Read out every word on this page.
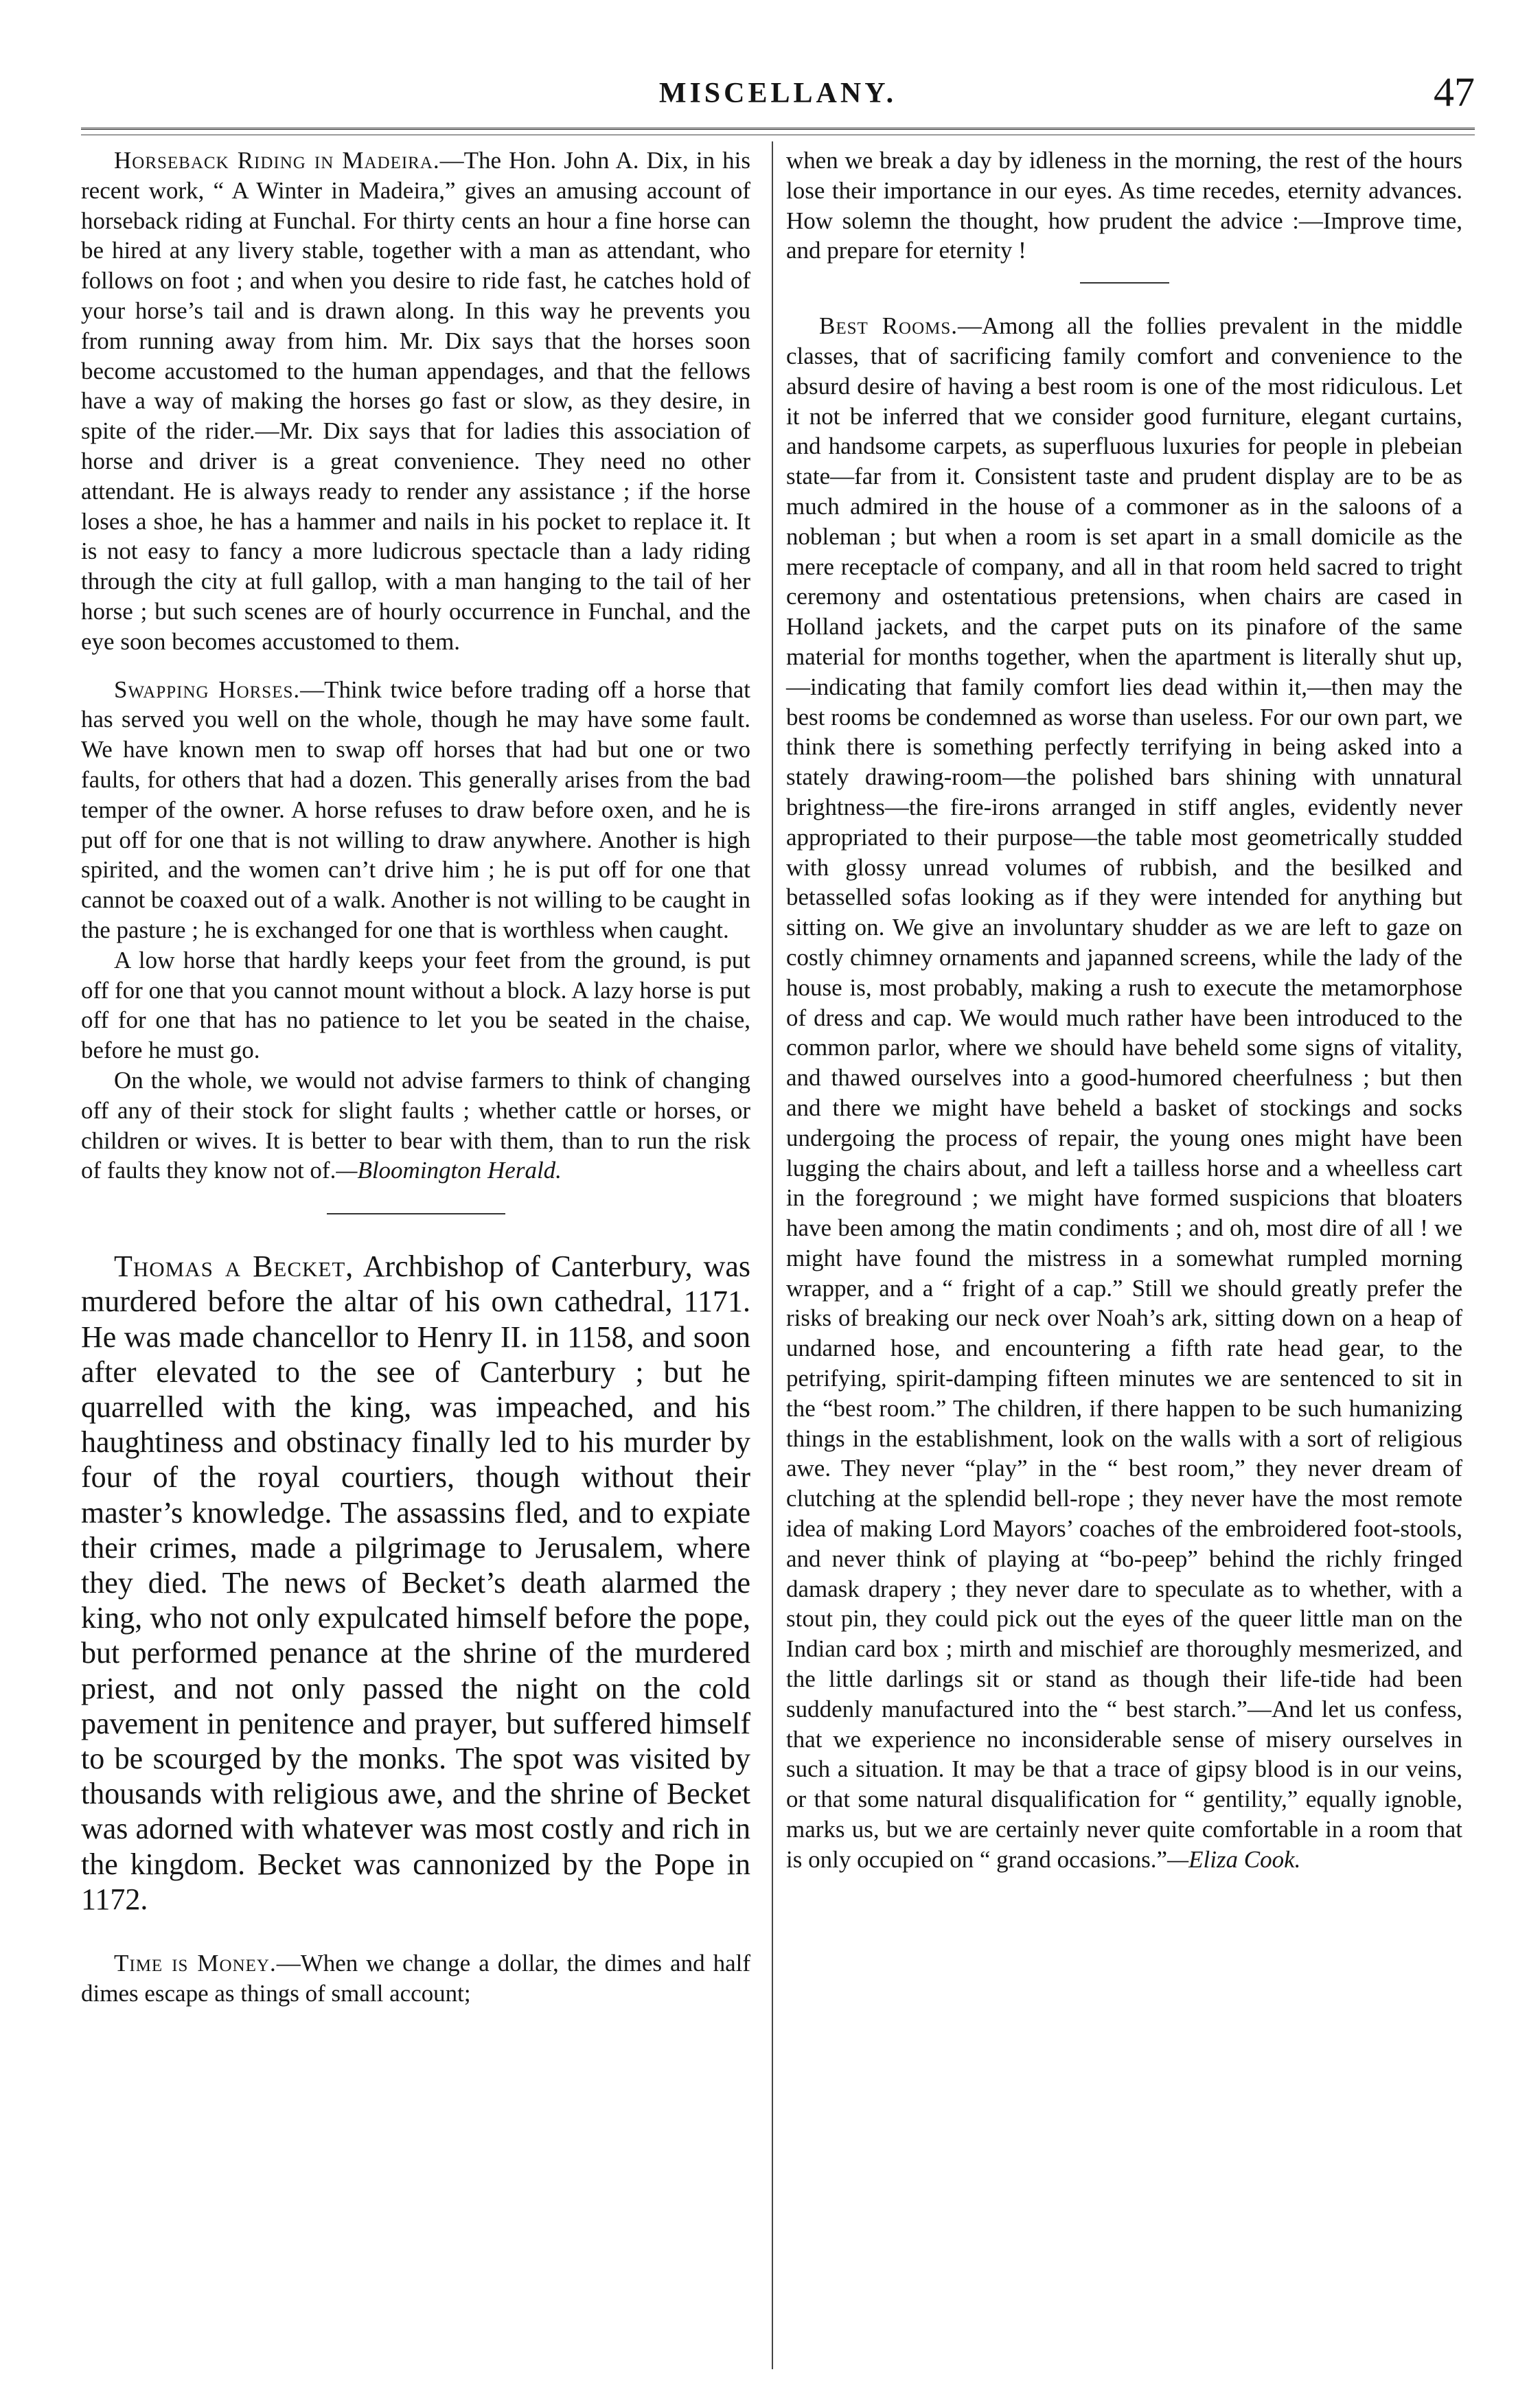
MISCELLANY.	47

Horseback Riding in Madeira.—The Hon. John A. Dix, in his recent work, “ A Winter in Madeira,” gives an amusing account of horseback riding at Funchal. For thirty cents an hour a fine horse can be hired at any livery stable, together with a man as attendant, who follows on foot ; and when you desire to ride fast, he catches hold of your horse’s tail and is drawn along. In this way he prevents you from running away from him. Mr. Dix says that the horses soon become accustomed to the human appendages, and that the fellows have a way of making the horses go fast or slow, as they desire, in spite of the rider.—Mr. Dix says that for ladies this association of horse and driver is a great convenience. They need no other attendant. He is always ready to render any assistance ; if the horse loses a shoe, he has a hammer and nails in his pocket to replace it. It is not easy to fancy a more ludicrous spectacle than a lady riding through the city at full gallop, with a man hanging to the tail of her horse ; but such scenes are of hourly occurrence in Funchal, and the eye soon becomes accustomed to them.

Swapping Horses.—Think twice before trading off a horse that has served you well on the whole, though he may have some fault. We have known men to swap off horses that had but one or two faults, for others that had a dozen. This generally arises from the bad temper of the owner. A horse refuses to draw before oxen, and he is put off for one that is not willing to draw anywhere. Another is high spirited, and the women can’t drive him ; he is put off for one that cannot be coaxed out of a walk. Another is not willing to be caught in the pasture ; he is exchanged for one that is worthless when caught.

A low horse that hardly keeps your feet from the ground, is put off for one that you cannot mount without a block. A lazy horse is put off for one that has no patience to let you be seated in the chaise, before he must go.

On the whole, we would not advise farmers to think of changing off any of their stock for slight faults ; whether cattle or horses, or children or wives. It is better to bear with them, than to run the risk of faults they know not of.—Bloomington Herald.

Thomas a Becket, Archbishop of Canterbury, was murdered before the altar of his own cathedral, 1171. He was made chancellor to Henry II. in 1158, and soon after elevated to the see of Canterbury ; but he quarrelled with the king, was impeached, and his haughtiness and obstinacy finally led to his murder by four of the royal courtiers, though without their master’s knowledge. The assassins fled, and to expiate their crimes, made a pilgrimage to Jerusalem, where they died. The news of Becket’s death alarmed the king, who not only expulcated himself before the pope, but performed penance at the shrine of the murdered priest, and not only passed the night on the cold pavement in penitence and prayer, but suffered himself to be scourged by the monks. The spot was visited by thousands with religious awe, and the shrine of Becket was adorned with whatever was most costly and rich in the kingdom. Becket was cannonized by the Pope in 1172.

Time is Money.—When we change a dollar, the dimes and half dimes escape as things of small account;

when we break a day by idleness in the morning, the rest of the hours lose their importance in our eyes. As time recedes, eternity advances. How solemn the thought, how prudent the advice :—Improve time, and prepare for eternity !

Best Rooms.—Among all the follies prevalent in the middle classes, that of sacrificing family comfort and convenience to the absurd desire of having a best room is one of the most ridiculous. Let it not be inferred that we consider good furniture, elegant curtains, and handsome carpets, as superfluous luxuries for people in plebeian state—far from it. Consistent taste and prudent display are to be as much admired in the house of a commoner as in the saloons of a nobleman ; but when a room is set apart in a small domicile as the mere receptacle of company, and all in that room held sacred to tright ceremony and ostentatious pretensions, when chairs are cased in Holland jackets, and the carpet puts on its pinafore of the same material for months together, when the apartment is literally shut up,—indicating that family comfort lies dead within it,—then may the best rooms be condemned as worse than useless. For our own part, we think there is something perfectly terrifying in being asked into a stately drawing-room—the polished bars shining with unnatural brightness—the fire-irons arranged in stiff angles, evidently never appropriated to their purpose—the table most geometrically studded with glossy unread volumes of rubbish, and the besilked and betasselled sofas looking as if they were intended for anything but sitting on. We give an involuntary shudder as we are left to gaze on costly chimney ornaments and japanned screens, while the lady of the house is, most probably, making a rush to execute the metamorphose of dress and cap. We would much rather have been introduced to the common parlor, where we should have beheld some signs of vitality, and thawed ourselves into a good-humored cheerfulness ; but then and there we might have beheld a basket of stockings and socks undergoing the process of repair, the young ones might have been lugging the chairs about, and left a tailless horse and a wheelless cart in the foreground ; we might have formed suspicions that bloaters have been among the matin condiments ; and oh, most dire of all ! we might have found the mistress in a somewhat rumpled morning wrapper, and a “ fright of a cap.” Still we should greatly prefer the risks of breaking our neck over Noah’s ark, sitting down on a heap of undarned hose, and encountering a fifth rate head gear, to the petrifying, spirit-damping fifteen minutes we are sentenced to sit in the “best room.” The children, if there happen to be such humanizing things in the establishment, look on the walls with a sort of religious awe. They never “play” in the “ best room,” they never dream of clutching at the splendid bell-rope ; they never have the most remote idea of making Lord Mayors’ coaches of the embroidered foot-stools, and never think of playing at “bo-peep” behind the richly fringed damask drapery ; they never dare to speculate as to whether, with a stout pin, they could pick out the eyes of the queer little man on the Indian card box ; mirth and mischief are thoroughly mesmerized, and the little darlings sit or stand as though their life-tide had been suddenly manufactured into the “ best starch.”—And let us confess, that we experience no inconsiderable sense of misery ourselves in such a situation. It may be that a trace of gipsy blood is in our veins, or that some natural disqualification for “ gentility,” equally ignoble, marks us, but we are certainly never quite comfortable in a room that is only occupied on “ grand occasions.”—Eliza Cook.
